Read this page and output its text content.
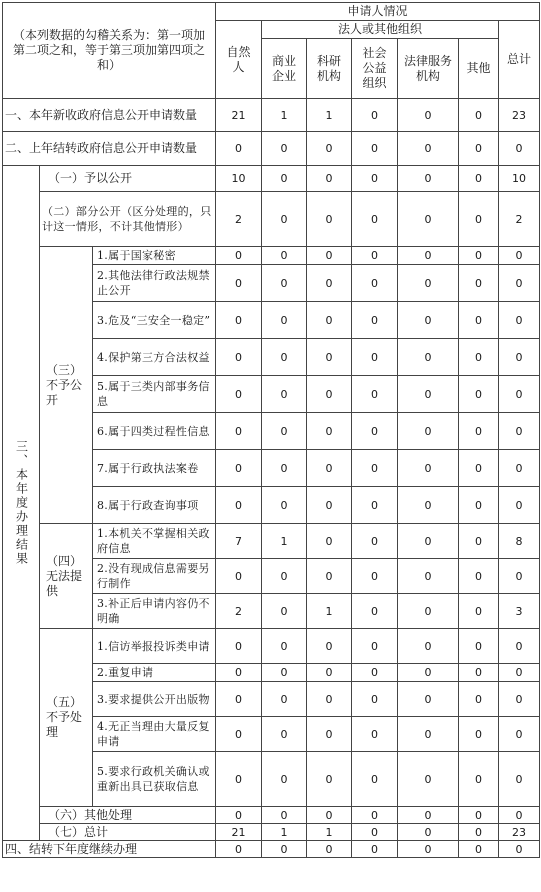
（本列数据的勾稽关系为：第一项加第二项之和，等于第三项加第四项之和）			申请人情况						

			自然人	法人或其他组织					总计

				商业企业	科研机构	社会公益组织	法律服务机构	其他	
一、本年新收政府信息公开申请数量			21	1	1	0	0	0	23
二、上年结转政府信息公开申请数量			0	0	0	0	0	0	0

三、本年度办理结果	（一）予以公开		10	0	0	0	0	0	10
	（二）部分公开（区分处理的，只计这一情形，不计其他情形）		2	0	0	0	0	0	2

	（三）不予公开	1.属于国家秘密	0	0	0	0	0	0	0
		2.其他法律行政法规禁止公开	0	0	0	0	0	0	0
		3.危及“三安全一稳定”	0	0	0	0	0	0	0
		4.保护第三方合法权益	0	0	0	0	0	0	0
		5.属于三类内部事务信息	0	0	0	0	0	0	0
		6.属于四类过程性信息	0	0	0	0	0	0	0
		7.属于行政执法案卷	0	0	0	0	0	0	0
		8.属于行政查询事项	0	0	0	0	0	0	0

	（四）无法提供	1.本机关不掌握相关政府信息	7	1	0	0	0	0	8
		2.没有现成信息需要另行制作	0	0	0	0	0	0	0
		3.补正后申请内容仍不明确	2	0	1	0	0	0	3

	（五）不予处理	1.信访举报投诉类申请	0	0	0	0	0	0	0
		2.重复申请	0	0	0	0	0	0	0
		3.要求提供公开出版物	0	0	0	0	0	0	0
		4.无正当理由大量反复申请	0	0	0	0	0	0	0
		5.要求行政机关确认或重新出具已获取信息	0	0	0	0	0	0	0
	（六）其他处理		0	0	0	0	0	0	0
	（七）总计		21	1	1	0	0	0	23
四、结转下年度继续办理			0	0	0	0	0	0	0
